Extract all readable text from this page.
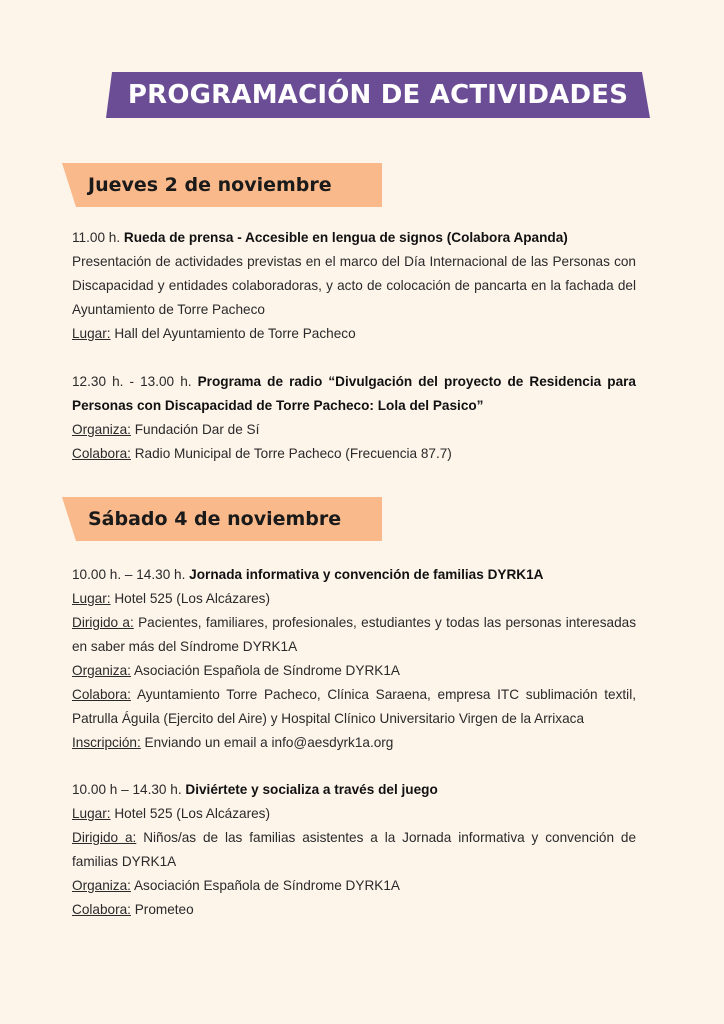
PROGRAMACIÓN DE ACTIVIDADES
Jueves 2 de noviembre

11.00 h. Rueda de prensa - Accesible en lengua de signos (Colabora Apanda)

Presentación de actividades previstas en el marco del Día Internacional de las Personas con Discapacidad y entidades colaboradoras, y acto de colocación de pancarta en la fachada del Ayuntamiento de Torre Pacheco

Lugar: Hall del Ayuntamiento de Torre Pacheco

12.30 h. - 13.00 h. Programa de radio “Divulgación del proyecto de Residencia para Personas con Discapacidad de Torre Pacheco: Lola del Pasico”

Organiza: Fundación Dar de Sí

Colabora: Radio Municipal de Torre Pacheco (Frecuencia 87.7)

Sábado 4 de noviembre

10.00 h. – 14.30 h. Jornada informativa y convención de familias DYRK1A

Lugar: Hotel 525 (Los Alcázares)

Dirigido a: Pacientes, familiares, profesionales, estudiantes y todas las personas interesadas en saber más del Síndrome DYRK1A

Organiza: Asociación Española de Síndrome DYRK1A

Colabora: Ayuntamiento Torre Pacheco, Clínica Saraena, empresa ITC sublimación textil, Patrulla Águila (Ejercito del Aire) y Hospital Clínico Universitario Virgen de la Arrixaca

Inscripción: Enviando un email a info@aesdyrk1a.org

10.00 h – 14.30 h. Diviértete y socializa a través del juego

Lugar: Hotel 525 (Los Alcázares)

Dirigido a: Niños/as de las familias asistentes a la Jornada informativa y convención de familias DYRK1A

Organiza: Asociación Española de Síndrome DYRK1A

Colabora: Prometeo
